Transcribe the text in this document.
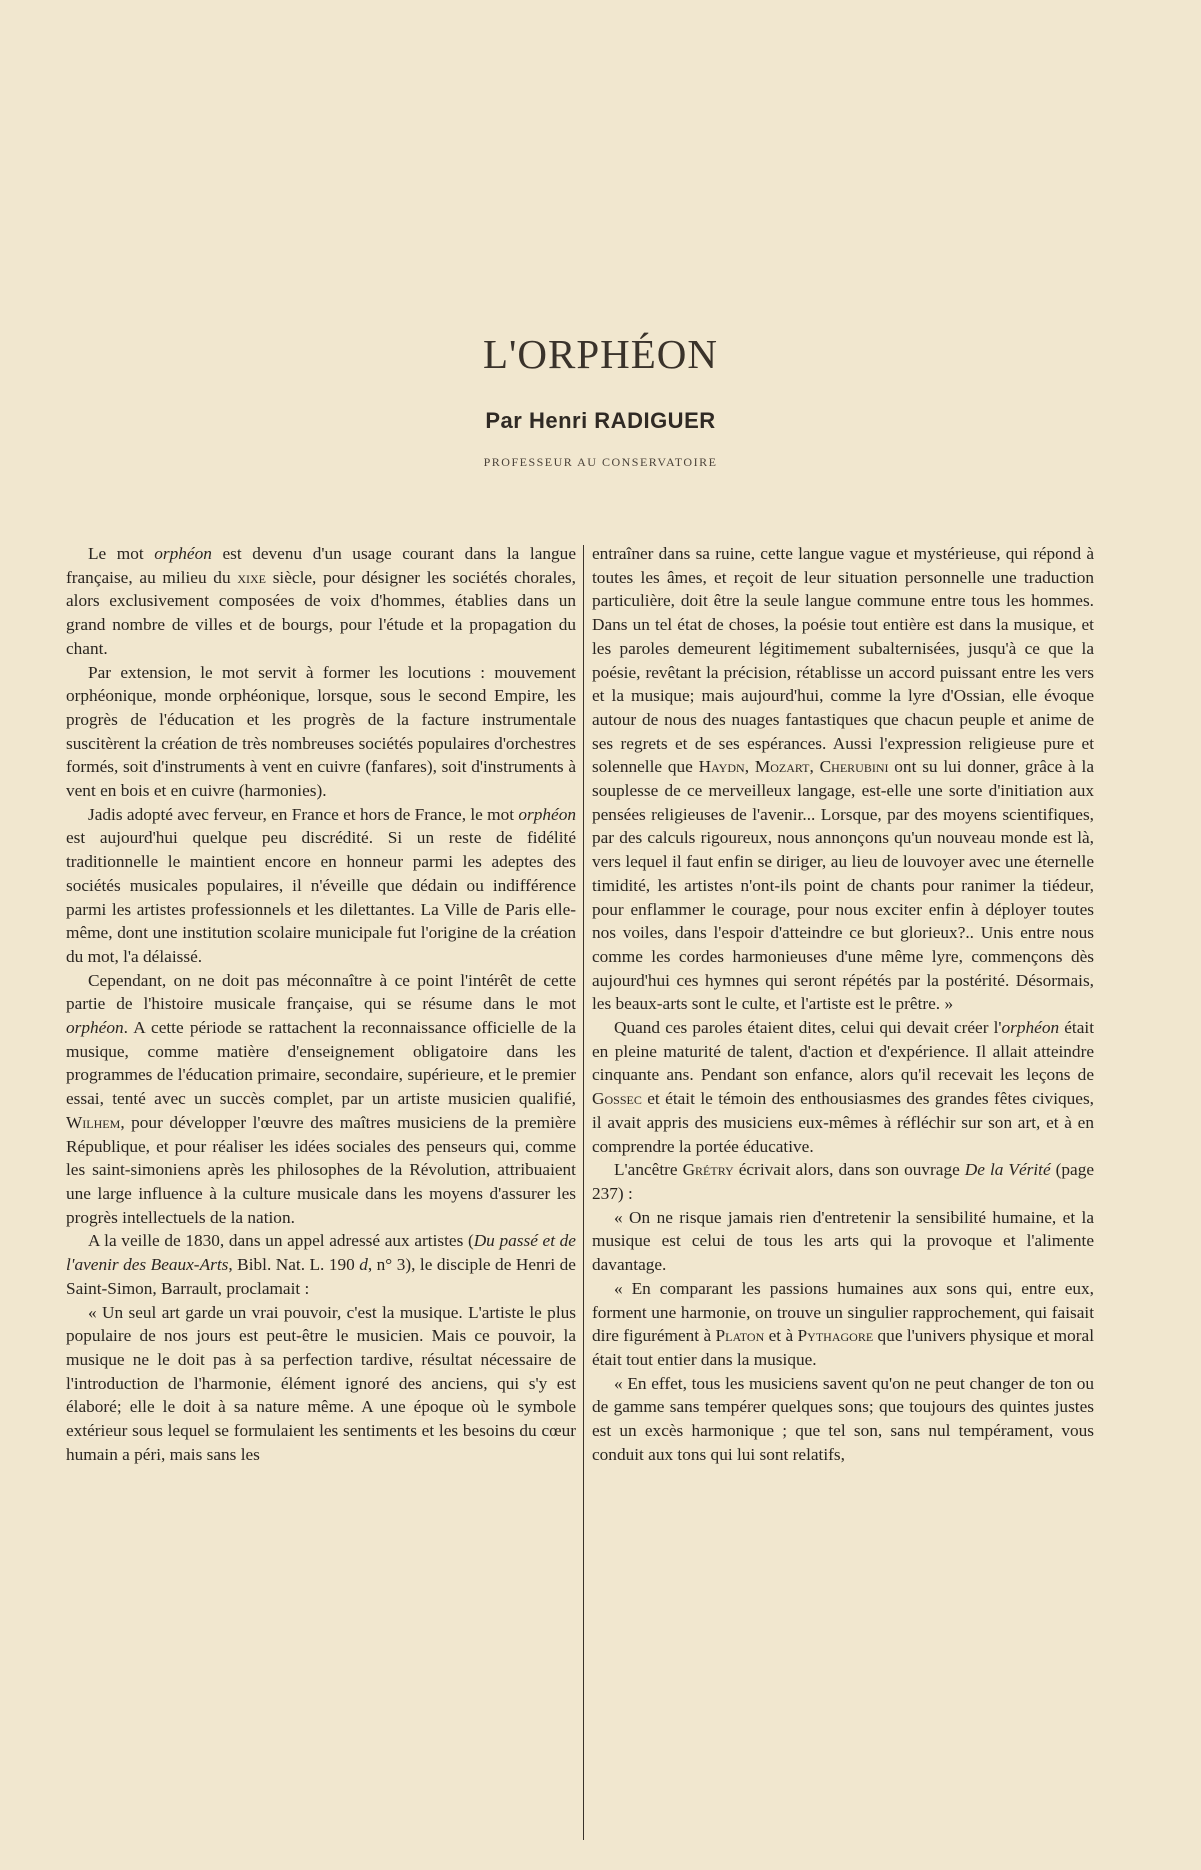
L'ORPHÉON
Par Henri RADIGUER
PROFESSEUR AU CONSERVATOIRE

Le mot orphéon est devenu d'un usage courant dans la langue française, au milieu du xixe siècle, pour désigner les sociétés chorales, alors exclusivement composées de voix d'hommes, établies dans un grand nombre de villes et de bourgs, pour l'étude et la propagation du chant.

Par extension, le mot servit à former les locutions : mouvement orphéonique, monde orphéonique, lorsque, sous le second Empire, les progrès de l'éducation et les progrès de la facture instrumentale suscitèrent la création de très nombreuses sociétés populaires d'orchestres formés, soit d'instruments à vent en cuivre (fanfares), soit d'instruments à vent en bois et en cuivre (harmonies).

Jadis adopté avec ferveur, en France et hors de France, le mot orphéon est aujourd'hui quelque peu discrédité. Si un reste de fidélité traditionnelle le maintient encore en honneur parmi les adeptes des sociétés musicales populaires, il n'éveille que dédain ou indifférence parmi les artistes professionnels et les dilettantes. La Ville de Paris elle-même, dont une institution scolaire municipale fut l'origine de la création du mot, l'a délaissé.

Cependant, on ne doit pas méconnaître à ce point l'intérêt de cette partie de l'histoire musicale française, qui se résume dans le mot orphéon. A cette période se rattachent la reconnaissance officielle de la musique, comme matière d'enseignement obligatoire dans les programmes de l'éducation primaire, secondaire, supérieure, et le premier essai, tenté avec un succès complet, par un artiste musicien qualifié, Wilhem, pour développer l'œuvre des maîtres musiciens de la première République, et pour réaliser les idées sociales des penseurs qui, comme les saint-simoniens après les philosophes de la Révolution, attribuaient une large influence à la culture musicale dans les moyens d'assurer les progrès intellectuels de la nation.

A la veille de 1830, dans un appel adressé aux artistes (Du passé et de l'avenir des Beaux-Arts, Bibl. Nat. L. 190 d, n° 3), le disciple de Henri de Saint-Simon, Barrault, proclamait :

« Un seul art garde un vrai pouvoir, c'est la musique. L'artiste le plus populaire de nos jours est peut-être le musicien. Mais ce pouvoir, la musique ne le doit pas à sa perfection tardive, résultat nécessaire de l'introduction de l'harmonie, élément ignoré des anciens, qui s'y est élaboré; elle le doit à sa nature même. A une époque où le symbole extérieur sous lequel se formulaient les sentiments et les besoins du cœur humain a péri, mais sans les

entraîner dans sa ruine, cette langue vague et mystérieuse, qui répond à toutes les âmes, et reçoit de leur situation personnelle une traduction particulière, doit être la seule langue commune entre tous les hommes. Dans un tel état de choses, la poésie tout entière est dans la musique, et les paroles demeurent légitimement subalternisées, jusqu'à ce que la poésie, revêtant la précision, rétablisse un accord puissant entre les vers et la musique; mais aujourd'hui, comme la lyre d'Ossian, elle évoque autour de nous des nuages fantastiques que chacun peuple et anime de ses regrets et de ses espérances. Aussi l'expression religieuse pure et solennelle que Haydn, Mozart, Cherubini ont su lui donner, grâce à la souplesse de ce merveilleux langage, est-elle une sorte d'initiation aux pensées religieuses de l'avenir... Lorsque, par des moyens scientifiques, par des calculs rigoureux, nous annonçons qu'un nouveau monde est là, vers lequel il faut enfin se diriger, au lieu de louvoyer avec une éternelle timidité, les artistes n'ont-ils point de chants pour ranimer la tiédeur, pour enflammer le courage, pour nous exciter enfin à déployer toutes nos voiles, dans l'espoir d'atteindre ce but glorieux?.. Unis entre nous comme les cordes harmonieuses d'une même lyre, commençons dès aujourd'hui ces hymnes qui seront répétés par la postérité. Désormais, les beaux-arts sont le culte, et l'artiste est le prêtre. »

Quand ces paroles étaient dites, celui qui devait créer l'orphéon était en pleine maturité de talent, d'action et d'expérience. Il allait atteindre cinquante ans. Pendant son enfance, alors qu'il recevait les leçons de Gossec et était le témoin des enthousiasmes des grandes fêtes civiques, il avait appris des musiciens eux-mêmes à réfléchir sur son art, et à en comprendre la portée éducative.

L'ancêtre Grétry écrivait alors, dans son ouvrage De la Vérité (page 237) :

« On ne risque jamais rien d'entretenir la sensibilité humaine, et la musique est celui de tous les arts qui la provoque et l'alimente davantage.

« En comparant les passions humaines aux sons qui, entre eux, forment une harmonie, on trouve un singulier rapprochement, qui faisait dire figurément à Platon et à Pythagore que l'univers physique et moral était tout entier dans la musique.

« En effet, tous les musiciens savent qu'on ne peut changer de ton ou de gamme sans tempérer quelques sons; que toujours des quintes justes est un excès harmonique ; que tel son, sans nul tempérament, vous conduit aux tons qui lui sont relatifs,
